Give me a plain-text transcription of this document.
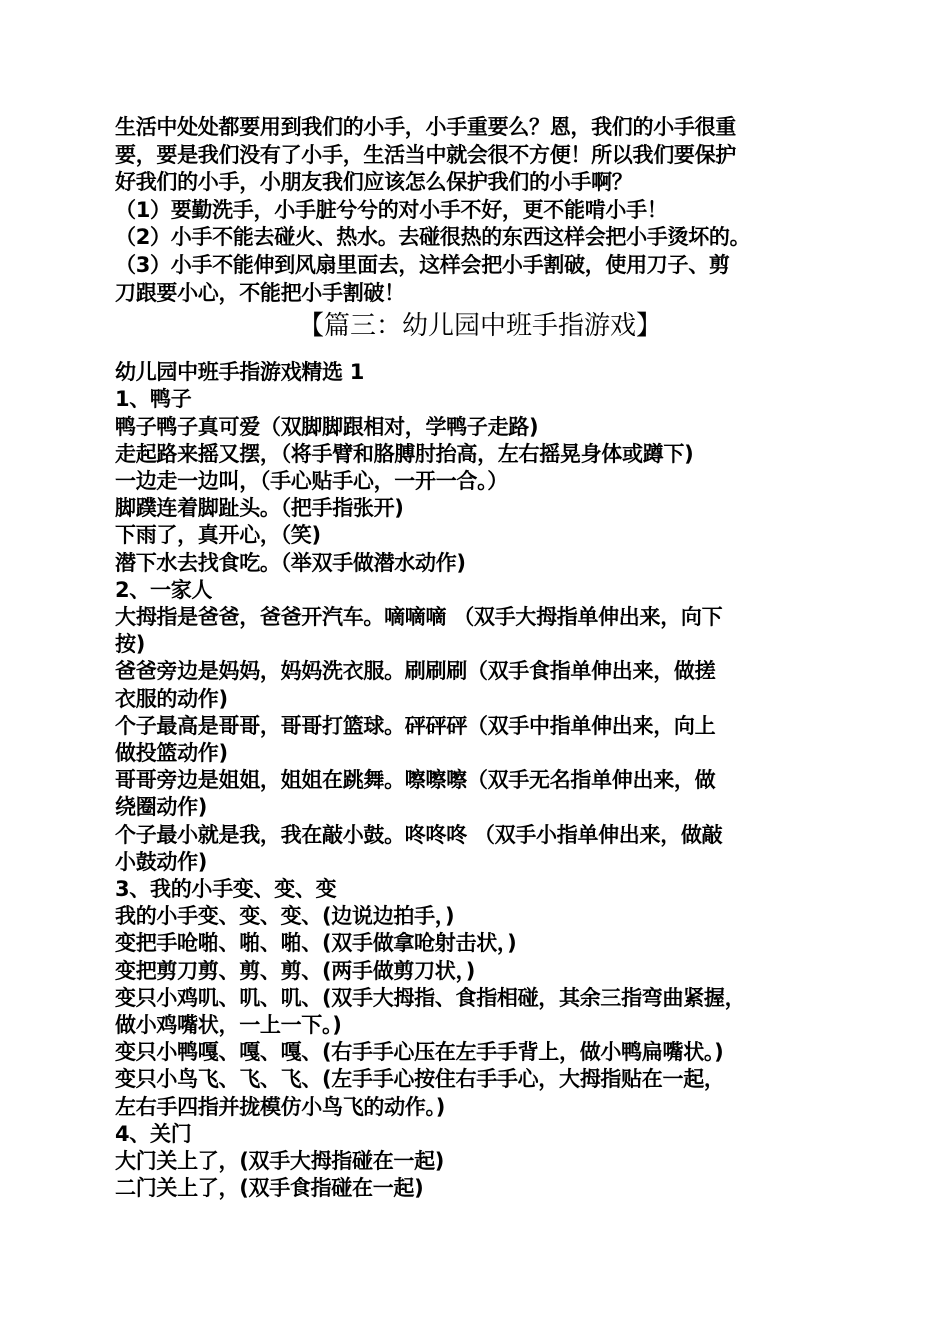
生活中处处都要用到我们的小手，小手重要么？恩，我们的小手很重
要，要是我们没有了小手，生活当中就会很不方便！所以我们要保护
好我们的小手，小朋友我们应该怎么保护我们的小手啊？
（1）要勤洗手，小手脏兮兮的对小手不好，更不能啃小手！
（2）小手不能去碰火、热水。去碰很热的东西这样会把小手烫坏的。
（3）小手不能伸到风扇里面去，这样会把小手割破，使用刀子、剪
刀跟要小心，不能把小手割破！
【篇三：幼儿园中班手指游戏】
幼儿园中班手指游戏精选 1
1、鸭子
鸭子鸭子真可爱（双脚脚跟相对，学鸭子走路)
走起路来摇又摆，（将手臂和胳膊肘抬高，左右摇晃身体或蹲下)
一边走一边叫，（手心贴手心，一开一合。）
脚蹼连着脚趾头。（把手指张开)
下雨了，真开心，（笑)
潜下水去找食吃。（举双手做潜水动作)
2、一家人
大拇指是爸爸，爸爸开汽车。嘀嘀嘀 （双手大拇指单伸出来，向下
按)
爸爸旁边是妈妈，妈妈洗衣服。刷刷刷（双手食指单伸出来，做搓
衣服的动作)
个子最高是哥哥，哥哥打篮球。砰砰砰（双手中指单伸出来，向上
做投篮动作)
哥哥旁边是姐姐，姐姐在跳舞。嚓嚓嚓（双手无名指单伸出来，做
绕圈动作)
个子最小就是我，我在敲小鼓。咚咚咚 （双手小指单伸出来，做敲
小鼓动作)
3、我的小手变、变、变
我的小手变、变、变、(边说边拍手，)
变把手呛啪、啪、啪、(双手做拿呛射击状，)
变把剪刀剪、剪、剪、(两手做剪刀状，)
变只小鸡叽、叽、叽、(双手大拇指、食指相碰，其余三指弯曲紧握，
做小鸡嘴状，一上一下。)
变只小鸭嘎、嘎、嘎、(右手手心压在左手手背上，做小鸭扁嘴状。)
变只小鸟飞、飞、飞、(左手手心按住右手手心，大拇指贴在一起，
左右手四指并拢模仿小鸟飞的动作。)
4、关门
大门关上了，(双手大拇指碰在一起)
二门关上了，(双手食指碰在一起)
